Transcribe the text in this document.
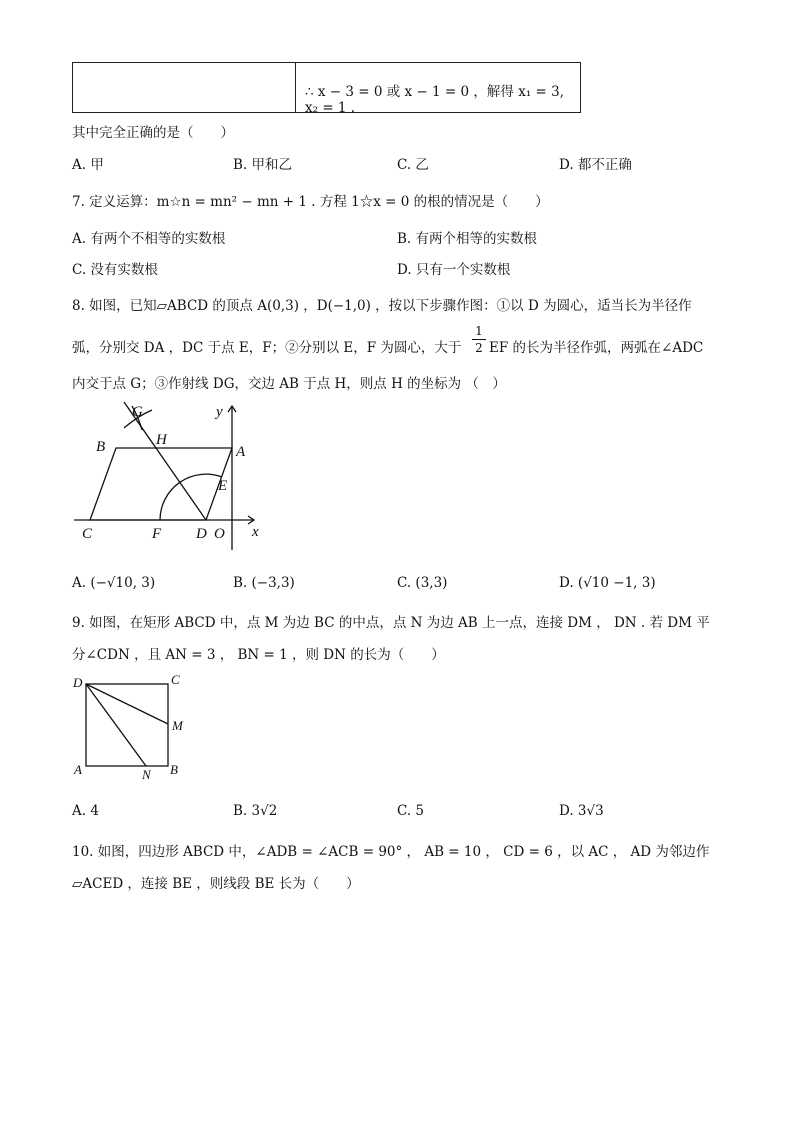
∴ x − 3 = 0 或 x − 1 = 0 ，解得 x₁ = 3, x₂ = 1 .
其中完全正确的是（　　）
A. 甲	B. 甲和乙	C. 乙	D. 都不正确
7. 定义运算：m☆n = mn² − mn + 1 . 方程 1☆x = 0 的根的情况是（　　）
A. 有两个不相等的实数根	B. 有两个相等的实数根
C. 没有实数根	D. 只有一个实数根
8. 如图，已知▱ABCD 的顶点 A(0,3) ，D(−1,0) ，按以下步骤作图：①以 D 为圆心，适当长为半径作
弧，分别交 DA ，DC 于点 E，F；②分别以 E，F 为圆心，大于
1
2 EF 的长为半径作弧，两弧在∠ADC
内交于点 G；③作射线 DG，交边 AB 于点 H，则点 H 的坐标为 （　）
G
H
B	A
E
C	F D O x
y
A. (−√10, 3)	B. (−3,3)	C. (3,3)	D. (√10 −1, 3)
9. 如图，在矩形 ABCD 中，点 M 为边 BC 的中点，点 N 为边 AB 上一点，连接 DM ， DN . 若 DM 平
分∠CDN ，且 AN = 3 ， BN = 1 ，则 DN 的长为（　　）
D	C
M
A	N B
A. 4	B. 3√2	C. 5	D. 3√3
10. 如图，四边形 ABCD 中，∠ADB = ∠ACB = 90° ， AB = 10 ， CD = 6 ，以 AC ， AD 为邻边作
▱ACED ，连接 BE ，则线段 BE 长为（　　）
